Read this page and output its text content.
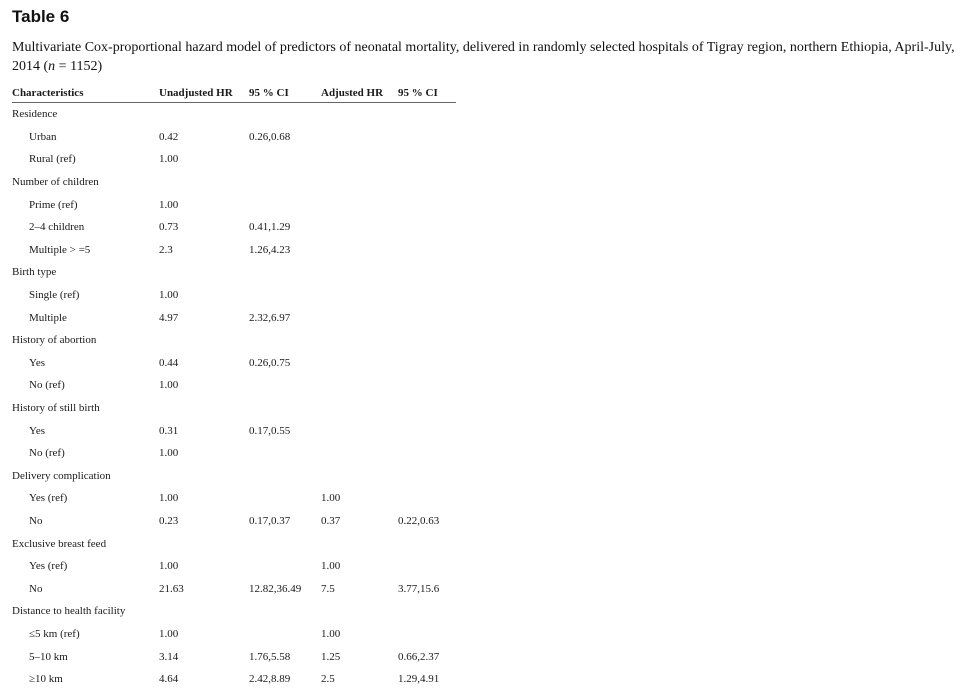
Table 6

Multivariate Cox-proportional hazard model of predictors of neonatal mortality, delivered in randomly selected hospitals of Tigray region, northern Ethiopia, April-July, 2014 (n = 1152)

Characteristics	Unadjusted HR	95 % CI	Adjusted HR	95 % CI
Residence				
Urban	0.42	0.26,0.68		
Rural (ref)	1.00			
Number of children				
Prime (ref)	1.00			
2–4 children	0.73	0.41,1.29		
Multiple > =5	2.3	1.26,4.23		
Birth type				
Single (ref)	1.00			
Multiple	4.97	2.32,6.97		
History of abortion				
Yes	0.44	0.26,0.75		
No (ref)	1.00			
History of still birth				
Yes	0.31	0.17,0.55		
No (ref)	1.00			
Delivery complication				
Yes (ref)	1.00		1.00	
No	0.23	0.17,0.37	0.37	0.22,0.63
Exclusive breast feed				
Yes (ref)	1.00		1.00	
No	21.63	12.82,36.49	7.5	3.77,15.6
Distance to health facility				
≤5 km (ref)	1.00		1.00	
5–10 km	3.14	1.76,5.58	1.25	0.66,2.37
≥10 km	4.64	2.42,8.89	2.5	1.29,4.91
